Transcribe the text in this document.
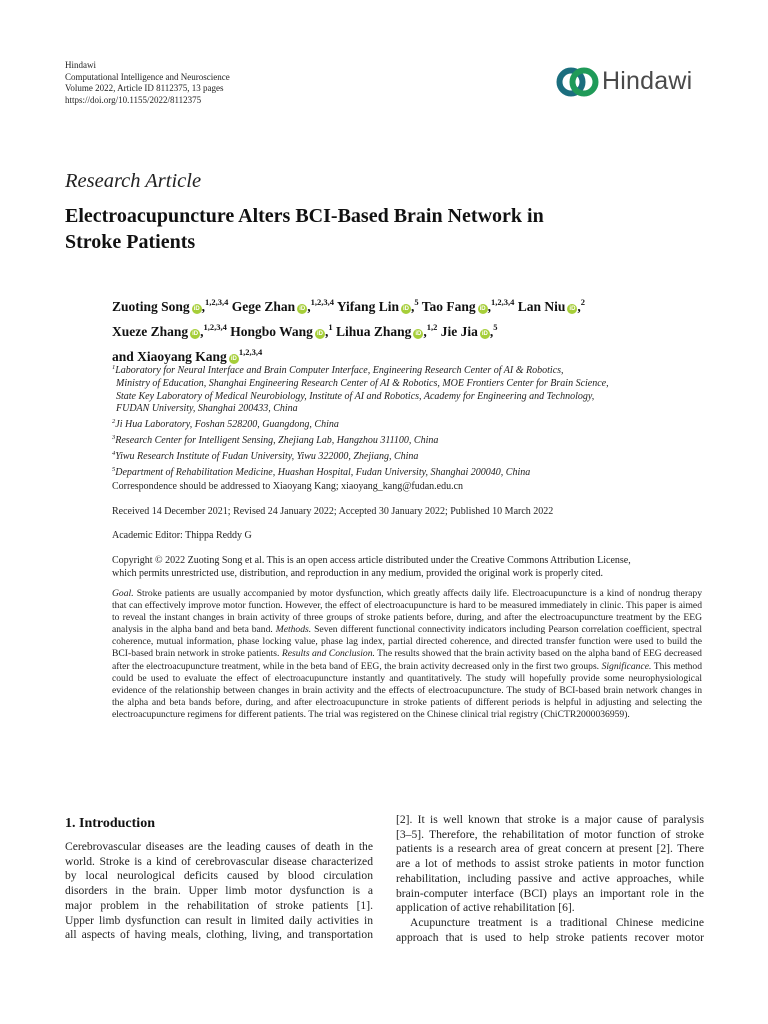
Hindawi
Computational Intelligence and Neuroscience
Volume 2022, Article ID 8112375, 13 pages
https://doi.org/10.1155/2022/8112375
Hindawi
Research Article
Electroacupuncture Alters BCI-Based Brain Network in
Stroke Patients
Zuoting Song iD ,$^{1,2,3,4}$ Gege Zhan iD ,$^{1,2,3,4}$ Yifang Lin iD ,$^5$ Tao Fang iD ,$^{1,2,3,4}$ Lan Niu iD ,$^2$
Xueze Zhang iD ,$^{1,2,3,4}$ Hongbo Wang iD ,$^1$ Lihua Zhang iD ,$^{1,2}$ Jie Jia iD ,$^5$
and Xiaoyang Kang iD$^{1,2,3,4}$
$^1$Laboratory for Neural Interface and Brain Computer Interface, Engineering Research Center of AI & Robotics,
Ministry of Education, Shanghai Engineering Research Center of AI & Robotics, MOE Frontiers Center for Brain Science,
State Key Laboratory of Medical Neurobiology, Institute of AI and Robotics, Academy for Engineering and Technology,
FUDAN University, Shanghai 200433, China
$^2$Ji Hua Laboratory, Foshan 528200, Guangdong, China
$^3$Research Center for Intelligent Sensing, Zhejiang Lab, Hangzhou 311100, China
$^4$Yiwu Research Institute of Fudan University, Yiwu 322000, Zhejiang, China
$^5$Department of Rehabilitation Medicine, Huashan Hospital, Fudan University, Shanghai 200040, China
Correspondence should be addressed to Xiaoyang Kang; xiaoyang_kang@fudan.edu.cn
Received 14 December 2021; Revised 24 January 2022; Accepted 30 January 2022; Published 10 March 2022
Academic Editor: Thippa Reddy G
Copyright © 2022 Zuoting Song et al. This is an open access article distributed under the Creative Commons Attribution License,
which permits unrestricted use, distribution, and reproduction in any medium, provided the original work is properly cited.
Goal. Stroke patients are usually accompanied by motor dysfunction, which greatly affects daily life. Electroacupuncture is a kind of nondrug therapy that can effectively improve motor function. However, the effect of electroacupuncture is hard to be measured immediately in clinic. This paper is aimed to reveal the instant changes in brain activity of three groups of stroke patients before, during, and after the electroacupuncture treatment by the EEG analysis in the alpha band and beta band. Methods. Seven different functional connectivity indicators including Pearson correlation coefficient, spectral coherence, mutual information, phase locking value, phase lag index, partial directed coherence, and directed transfer function were used to build the BCI-based brain network in stroke patients. Results and Conclusion. The results showed that the brain activity based on the alpha band of EEG decreased after the electroacupuncture treatment, while in the beta band of EEG, the brain activity decreased only in the first two groups. Significance. This method could be used to evaluate the effect of electroacupuncture instantly and quantitatively. The study will hopefully provide some neurophysiological evidence of the relationship between changes in brain activity and the effects of electroacupuncture. The study of BCI-based brain network changes in the alpha and beta bands before, during, and after electroacupuncture in stroke patients of different periods is helpful in adjusting and selecting the electroacupuncture regimens for different patients. The trial was registered on the Chinese clinical trial registry (ChiCTR2000036959).
1. Introduction
Cerebrovascular diseases are the leading causes of death in the
world. Stroke is a kind of cerebrovascular disease characterized
by local neurological deficits caused by blood circulation
disorders in the brain. Upper limb motor dysfunction is a
major problem in the rehabilitation of stroke patients [1].
Upper limb dysfunction can result in limited daily activities in
all aspects of having meals, clothing, living, and transportation
[2]. It is well known that stroke is a major cause of paralysis
[3–5]. Therefore, the rehabilitation of motor function of stroke
patients is a research area of great concern at present [2]. There
are a lot of methods to assist stroke patients in motor function
rehabilitation, including passive and active approaches, while
brain-computer interface (BCI) plays an important role in the
application of active rehabilitation [6].
Acupuncture treatment is a traditional Chinese medicine
approach that is used to help stroke patients recover motor
